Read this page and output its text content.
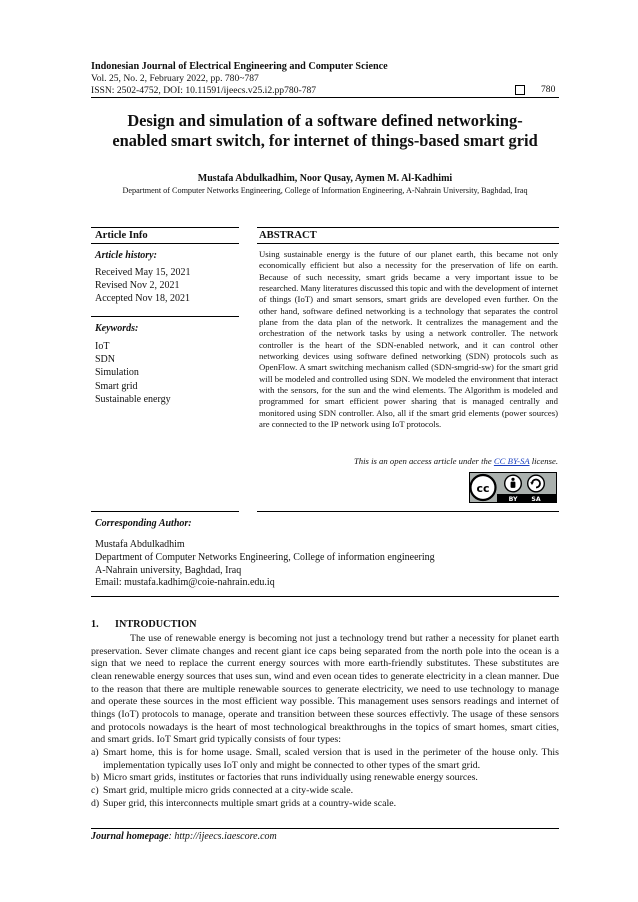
Indonesian Journal of Electrical Engineering and Computer Science
Vol. 25, No. 2, February 2022, pp. 780~787
ISSN: 2502-4752, DOI: 10.11591/ijeecs.v25.i2.pp780-787	780
Design and simulation of a software defined networking-
enabled smart switch, for internet of things-based smart grid
Mustafa Abdulkadhim, Noor Qusay, Aymen M. Al-Kadhimi
Department of Computer Networks Engineering, College of Information Engineering, A-Nahrain University, Baghdad, Iraq
Article Info	ABSTRACT
Article history:
Received May 15, 2021
Revised Nov 2, 2021
Accepted Nov 18, 2021
Keywords:
IoT
SDN
Simulation
Smart grid
Sustainable energy
Using sustainable energy is the future of our planet earth, this became not only economically efficient but also a necessity for the preservation of life on earth. Because of such necessity, smart grids became a very important issue to be researched. Many literatures discussed this topic and with the development of internet of things (IoT) and smart sensors, smart grids are developed even further. On the other hand, software defined networking is a technology that separates the control plane from the data plan of the network. It centralizes the management and the orchestration of the network tasks by using a network controller. The network controller is the heart of the SDN-enabled network, and it can control other networking devices using software defined networking (SDN) protocols such as OpenFlow. A smart switching mechanism called (SDN-smgrid-sw) for the smart grid will be modeled and controlled using SDN. We modeled the environment that interact with the sensors, for the sun and the wind elements. The Algorithm is modeled and programmed for smart efficient power sharing that is managed centrally and monitored using SDN controller. Also, all if the smart grid elements (power sources) are connected to the IP network using IoT protocols.
This is an open access article under the CC BY-SA license.
cc
BY SA
Corresponding Author:
Mustafa Abdulkadhim
Department of Computer Networks Engineering, College of information engineering
A-Nahrain university, Baghdad, Iraq
Email: mustafa.kadhim@coie-nahrain.edu.iq
1. INTRODUCTION

The use of renewable energy is becoming not just a technology trend but rather a necessity for planet earth preservation. Sever climate changes and recent giant ice caps being separated from the north pole into the ocean is a sign that we need to replace the current energy sources with more earth-friendly substitutes. These substitutes are clean renewable energy sources that uses sun, wind and even ocean tides to generate electricity in a clean manner. Due to the reason that there are multiple renewable sources to generate electricity, we need to use technology to manage and operate these sources in the most efficient way possible. This management uses sensors readings and internet of things (IoT) protocols to manage, operate and transition between these sources effectivly. The usage of these sensors and protocols nowadays is the heart of most technological breakthroughs in the topics of smart homes, smart cities, and smart grids. IoT Smart grid typically consists of four types:

a) Smart home, this is for home usage. Small, scaled version that is used in the perimeter of the house only. This implementation typically uses IoT only and might be connected to other types of the smart grid.
b) Micro smart grids, institutes or factories that runs individually using renewable energy sources.
c) Smart grid, multiple micro grids connected at a city-wide scale.
d) Super grid, this interconnects multiple smart grids at a country-wide scale.
Journal homepage: http://ijeecs.iaescore.com
